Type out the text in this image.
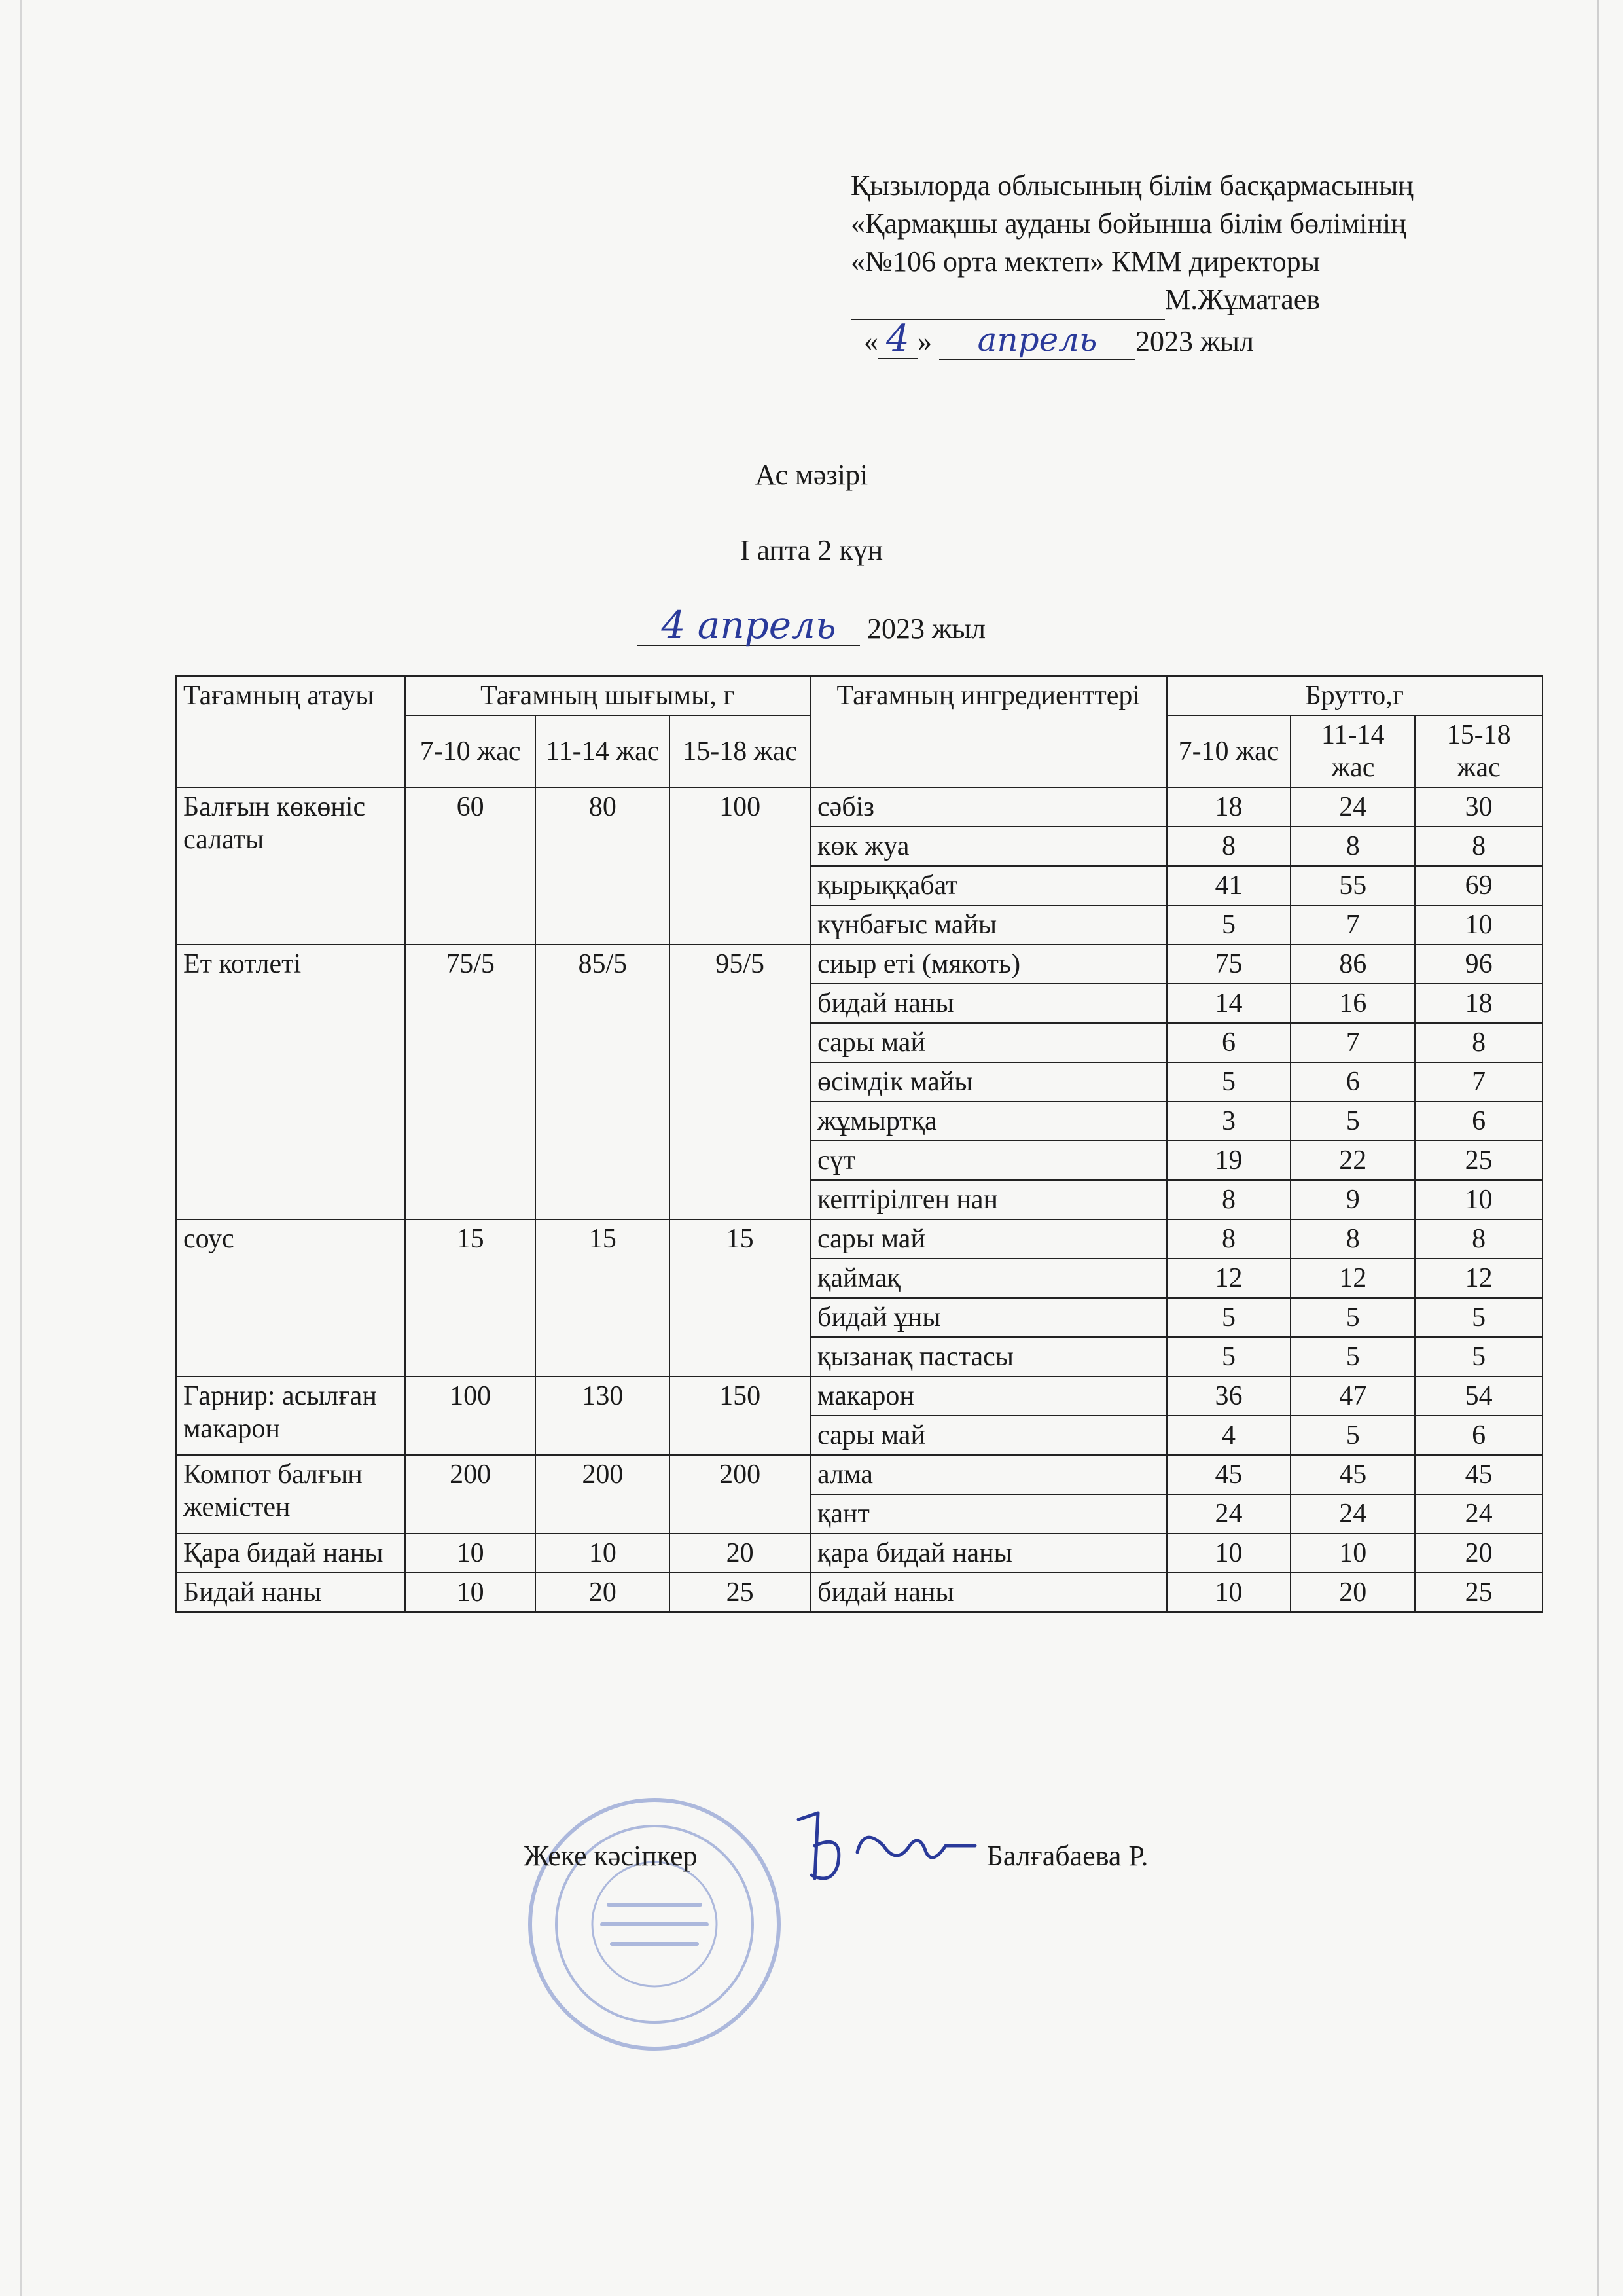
Қызылорда облысының білім басқармасының
«Қармақшы ауданы бойынша білім бөлімінің
«№106 орта мектеп» КММ директоры
М.Жұматаев
« 4 » апрель 2023 жыл
Ас мәзірі
I апта 2 күн
4 апрель 2023 жыл
Тағамның атауы	Тағамның шығымы, г			Тағамның ингредиенттері	Брутто,г		
	7-10 жас	11-14 жас	15-18 жас		7-10 жас	11-14 жас	15-18 жас
Балғын көкөніс салаты	60	80	100	сәбіз	18	24	30
				көк жуа	8	8	8
				қырыққабат	41	55	69
				күнбағыс майы	5	7	10
Ет котлеті	75/5	85/5	95/5	сиыр еті (мякоть)	75	86	96
				бидай наны	14	16	18
				сары май	6	7	8
				өсімдік майы	5	6	7
				жұмыртқа	3	5	6
				сүт	19	22	25
				кептірілген нан	8	9	10
соус	15	15	15	сары май	8	8	8
				қаймақ	12	12	12
				бидай ұны	5	5	5
				қызанақ пастасы	5	5	5
Гарнир: асылған макарон	100	130	150	макарон	36	47	54
				сары май	4	5	6
Компот балғын жемістен	200	200	200	алма	45	45	45
				қант	24	24	24
Қара бидай наны	10	10	20	қара бидай наны	10	10	20
Бидай наны	10	20	25	бидай наны	10	20	25
Жеке кәсіпкер	Балғабаева Р.
